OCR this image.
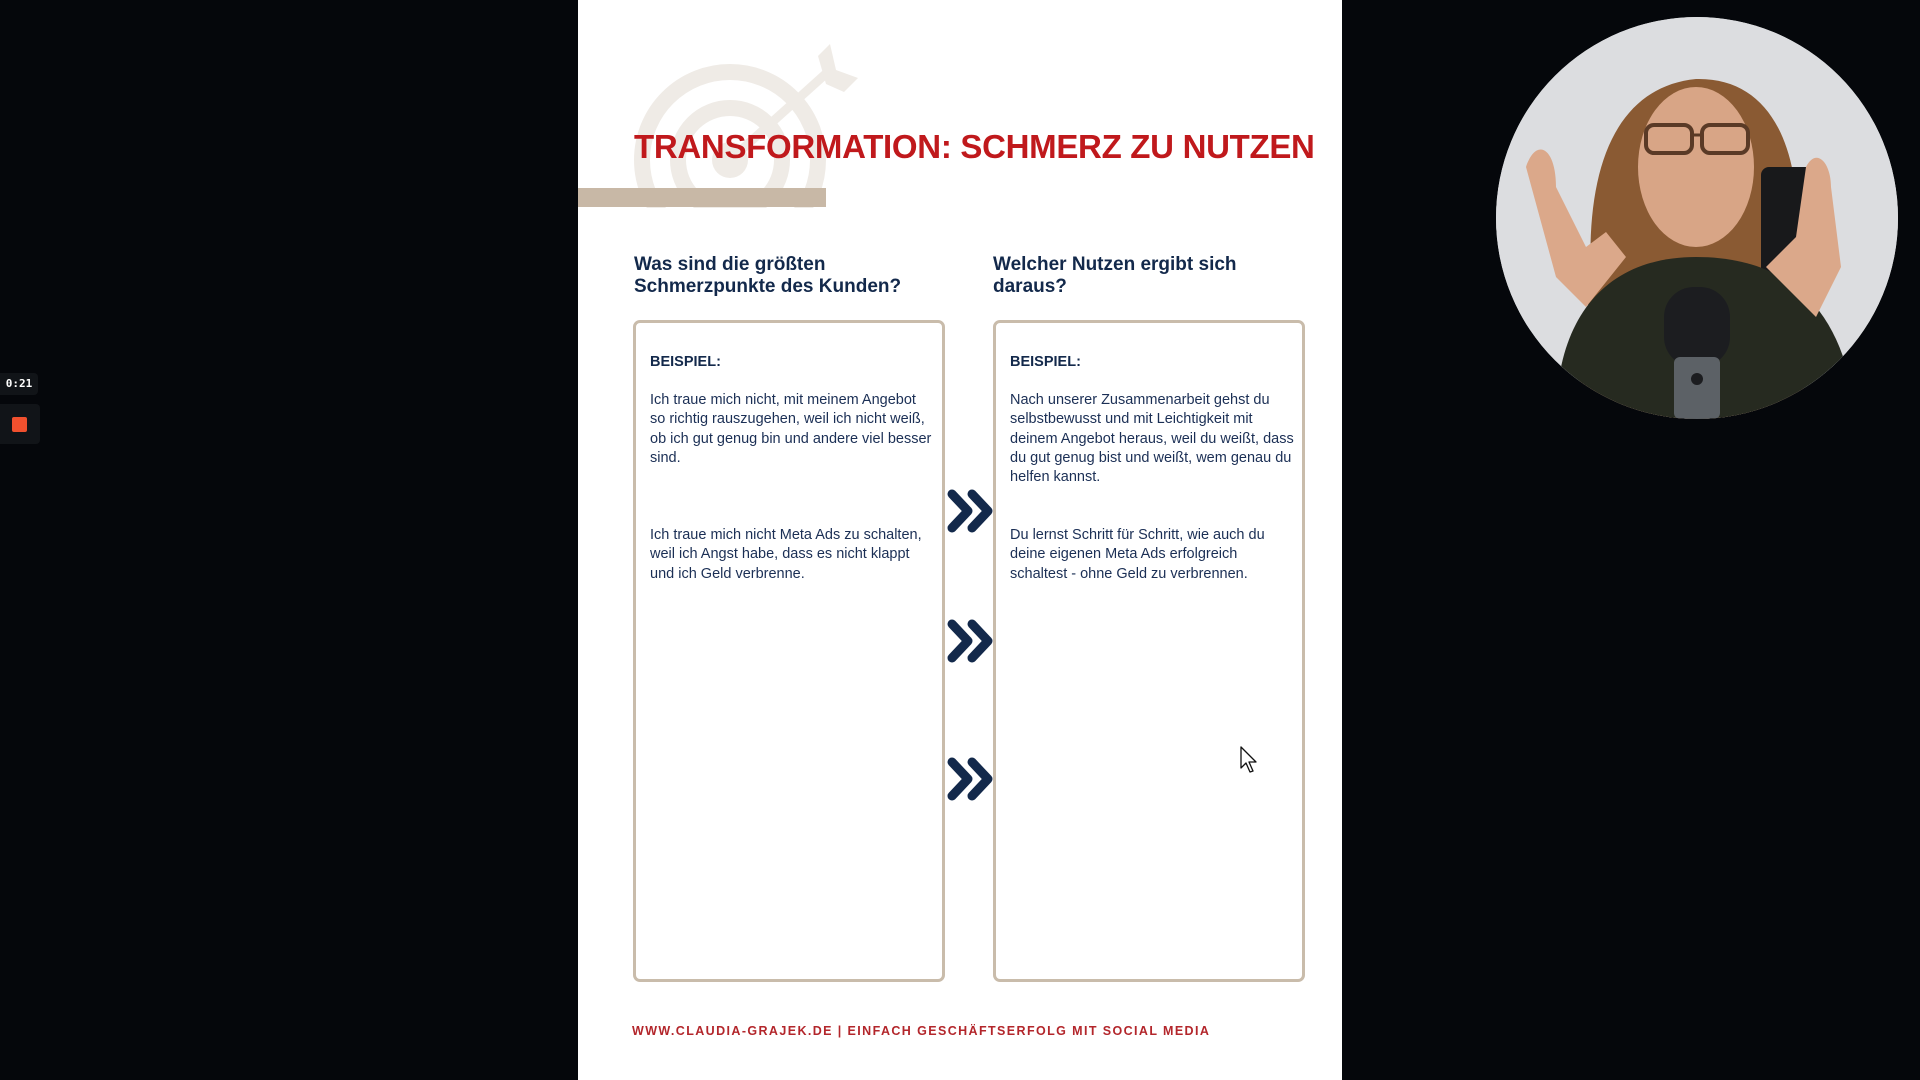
0:21
TRANSFORMATION: SCHMERZ ZU NUTZEN
Was sind die größten Schmerzpunkte des Kunden?
Welcher Nutzen ergibt sich daraus?
BEISPIEL:
Ich traue mich nicht, mit meinem Angebot so richtig rauszugehen, weil ich nicht weiß, ob ich gut genug bin und andere viel besser sind.
Ich traue mich nicht Meta Ads zu schalten, weil ich Angst habe, dass es nicht klappt und ich Geld verbrenne.
BEISPIEL:
Nach unserer Zusammenarbeit gehst du selbstbewusst und mit Leichtigkeit mit deinem Angebot heraus, weil du weißt, dass du gut genug bist und weißt, wem genau du helfen kannst.
Du lernst Schritt für Schritt, wie auch du deine eigenen Meta Ads erfolgreich schaltest - ohne Geld zu verbrennen.
WWW.CLAUDIA-GRAJEK.DE | EINFACH GESCHÄFTSERFOLG MIT SOCIAL MEDIA
